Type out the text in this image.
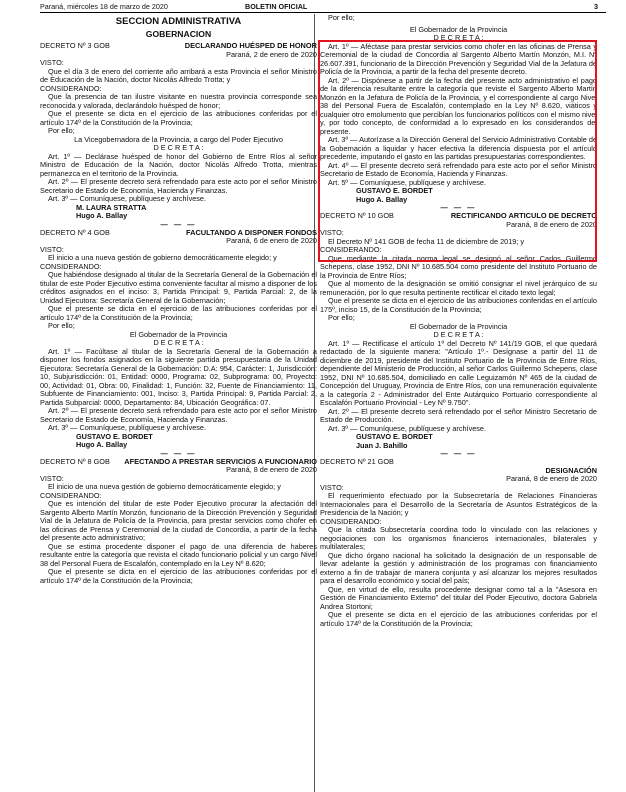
Paraná, miércoles 18 de marzo de 2020	BOLETIN OFICIAL	3
SECCION ADMINISTRATIVA
GOBERNACION
DECRETO Nº 3 GOB	DECLARANDO HUÉSPED DE HONOR

Paraná, 2 de enero de 2020

VISTO:

Que el día 3 de enero del corriente año arribará a esta Provincia el señor Ministro de Educación de la Nación, doctor Nicolás Alfredo Trotta; y

CONSIDERANDO:

Que la presencia de tan ilustre visitante en nuestra provincia corresponde sea reconocida y valorada, declarándolo huésped de honor;

Que el presente se dicta en el ejercicio de las atribuciones conferidas por el artículo 174º de la Constitución de la Provincia;

Por ello;

La Vicegobernadora de la Provincia, a cargo del Poder Ejecutivo

D E C R E T A :

Art. 1º — Declárase huésped de honor del Gobierno de Entre Ríos al señor Ministro de Educación de la Nación, doctor Nicolás Alfredo Trotta, mientras permanezca en el territorio de la Provincia.

Art. 2º — El presente decreto será refrendado para este acto por el señor Ministro Secretario de Estado de Economía, Hacienda y Finanzas.

Art. 3º — Comuníquese, publíquese y archívese.

M. LAURA STRATTA

Hugo A. Ballay

— — —

DECRETO Nº 4 GOB	FACULTANDO A DISPONER FONDOS

Paraná, 6 de enero de 2020

VISTO:

El inicio a una nueva gestión de gobierno democráticamente elegido; y

CONSIDERANDO:

Que habiéndose designado al titular de la Secretaría General de la Gobernación el titular de este Poder Ejecutivo estima conveniente facultar al mismo a disponer de los créditos asignados en el inciso: 3, Partida Principal: 9, Partida Parcial: 2, de la Unidad Ejecutora: Secretaría General de la Gobernación;

Que el presente se dicta en el ejercicio de las atribuciones conferidas por el artículo 174º de la Constitución de la Provincia;

Por ello;

El Gobernador de la Provincia

D E C R E T A :

Art. 1º — Facúltase al titular de la Secretaría General de la Gobernación a disponer los fondos asignados en la siguiente partida presupuestaria de la Unidad Ejecutora: Secretaría General de la Gobernación: D.A: 954, Carácter: 1, Jurisdicción: 10, Subjurisdicción: 01, Entidad: 0000, Programa: 02, Subprograma: 00, Proyecto: 00, Actividad: 01, Obra: 00, Finalidad: 1, Función: 32, Fuente de Financiamiento: 11, Subfuente de Financiamiento: 001, Inciso: 3, Partida Principal: 9, Partida Parcial: 2, Partida Subparcial: 0000, Departamento: 84, Ubicación Geográfica: 07.

Art. 2º — El presente decreto será refrendado para este acto por el señor Ministro Secretario de Estado de Economía, Hacienda y Finanzas.

Art. 3º — Comuníquese, publíquese y archívese.

GUSTAVO E. BORDET

Hugo A. Ballay

— — —

DECRETO Nº 8 GOB AFECTANDO A PRESTAR SERVICIOS A FUNCIONARIO

Paraná, 8 de enero de 2020

VISTO:

El inicio de una nueva gestión de gobierno democráticamente elegido; y

CONSIDERANDO:

Que es intención del titular de este Poder Ejecutivo procurar la afectación del Sargento Alberto Martín Monzón, funcionario de la Dirección Prevención y Seguridad Vial de la Jefatura de Policía de la Provincia, para prestar servicios como chofer en las oficinas de Prensa y Ceremonial de la ciudad de Concordia, a partir de la fecha del presente acto administrativo;

Que se estima procedente disponer el pago de una diferencia de haberes resultante entre la categoría que revista el citado funcionario policial y un cargo Nivel 38 del Personal Fuera de Escalafón, contemplado en la Ley Nº 8.620;

Que el presente se dicta en el ejercicio de las atribuciones conferidas por el artículo 174º de la Constitución de la Provincia;

Por ello;

El Gobernador de la Provincia

D E C R E T A :

Art. 1º — Aféctase para prestar servicios como chofer en las oficinas de Prensa y Ceremonial de la ciudad de Concordia al Sargento Alberto Martín Monzón, M.I. Nº 26.607.391, funcionario de la Dirección Prevención y Seguridad Vial de la Jefatura de Policía de la Provincia, a partir de la fecha del presente decreto.

Art. 2º — Dispónese a partir de la fecha del presente acto administrativo el pago de la diferencia resultante entre la categoría que reviste el Sargento Alberto Martín Monzón en la Jefatura de Policía de la Provincia, y el correspondiente al cargo Nivel 38 del Personal Fuera de Escalafón, contemplado en la Ley Nº 8.620, viáticos y cualquier otro emolumento que percibían los funcionarios políticos con el mismo nivel y, por todo concepto, de conformidad a lo expresado en los considerandos del presente.

Art. 3º — Autorízase a la Dirección General del Servicio Administrativo Contable de la Gobernación a liquidar y hacer efectiva la diferencia dispuesta por el artículo precedente, imputando el gasto en las partidas presupuestarias correspondientes.

Art. 4º — El presente decreto será refrendado para este acto por el señor Ministro Secretario de Estado de Economía, Hacienda y Finanzas.

Art. 5º — Comuníquese, publíquese y archívese.

GUSTAVO E. BORDET

Hugo A. Ballay

— — —

DECRETO Nº 10 GOB	RECTIFICANDO ARTICULO DE DECRETO

Paraná, 8 de enero de 2020

VISTO:

El Decreto Nº 141 GOB de fecha 11 de diciembre de 2019; y

CONSIDERANDO:

Que mediante la citada norma legal se designó al señor Carlos Guillermo Schepens, clase 1952, DNI Nº 10.685.504 como presidente del Instituto Portuario de la Provincia de Entre Ríos;

Que al momento de la designación se omitió consignar el nivel jerárquico de su remuneración, por lo que resulta pertinente rectificar el citado texto legal;

Que el presente se dicta en el ejercicio de las atribuciones conferidas en el artículo 175º, inciso 15, de la Constitución de la Provincia;

Por ello;

El Gobernador de la Provincia

D E C R E T A :

Art. 1º — Rectifícase el artículo 1º del Decreto Nº 141/19 GOB, el que quedará redactado de la siguiente manera: "Artículo 1º.- Desígnase a partir del 11 de diciembre de 2019, presidente del Instituto Portuario de la Provincia de Entre Ríos, dependiente del Ministerio de Producción, al señor Carlos Guillermo Schepens, clase 1952, DNI Nº 10.685.504, domiciliado en calle Leguizamón Nº 465 de la ciudad de Concepción del Uruguay, Provincia de Entre Ríos, con una remuneración equivalente a la categoría 2 - Administrador del Ente Autárquico Portuario correspondiente al Escalafón Portuario Provincial - Ley Nº 9.750".

Art. 2º — El presente decreto será refrendado por el señor Ministro Secretario de Estado de Producción.

Art. 3º — Comuníquese, publíquese y archívese.

GUSTAVO E. BORDET

Juan J. Bahillo

— — —

DECRETO Nº 21 GOB

DESIGNACIÓN

Paraná, 8 de enero de 2020

VISTO:

El requerimiento efectuado por la Subsecretaría de Relaciones Financieras Internacionales para el Desarrollo de la Secretaría de Asuntos Estratégicos de la Presidencia de la Nación; y

CONSIDERANDO:

Que la citada Subsecretaría coordina todo lo vinculado con las relaciones y negociaciones con los organismos financieros internacionales, bilaterales y multilaterales;

Que dicho órgano nacional ha solicitado la designación de un responsable de llevar adelante la gestión y administración de los programas con financiamiento externo a fin de trabajar de manera conjunta y así alcanzar los mejores resultados para el desarrollo económico y social del país;

Que, en virtud de ello, resulta procedente designar como tal a la "Asesora en Gestión de Financiamiento Externo" del titular del Poder Ejecutivo, doctora Gabriela Andrea Stortoni;

Que el presente se dicta en el ejercicio de las atribuciones conferidas por el artículo 174º de la Constitución de la Provincia;
